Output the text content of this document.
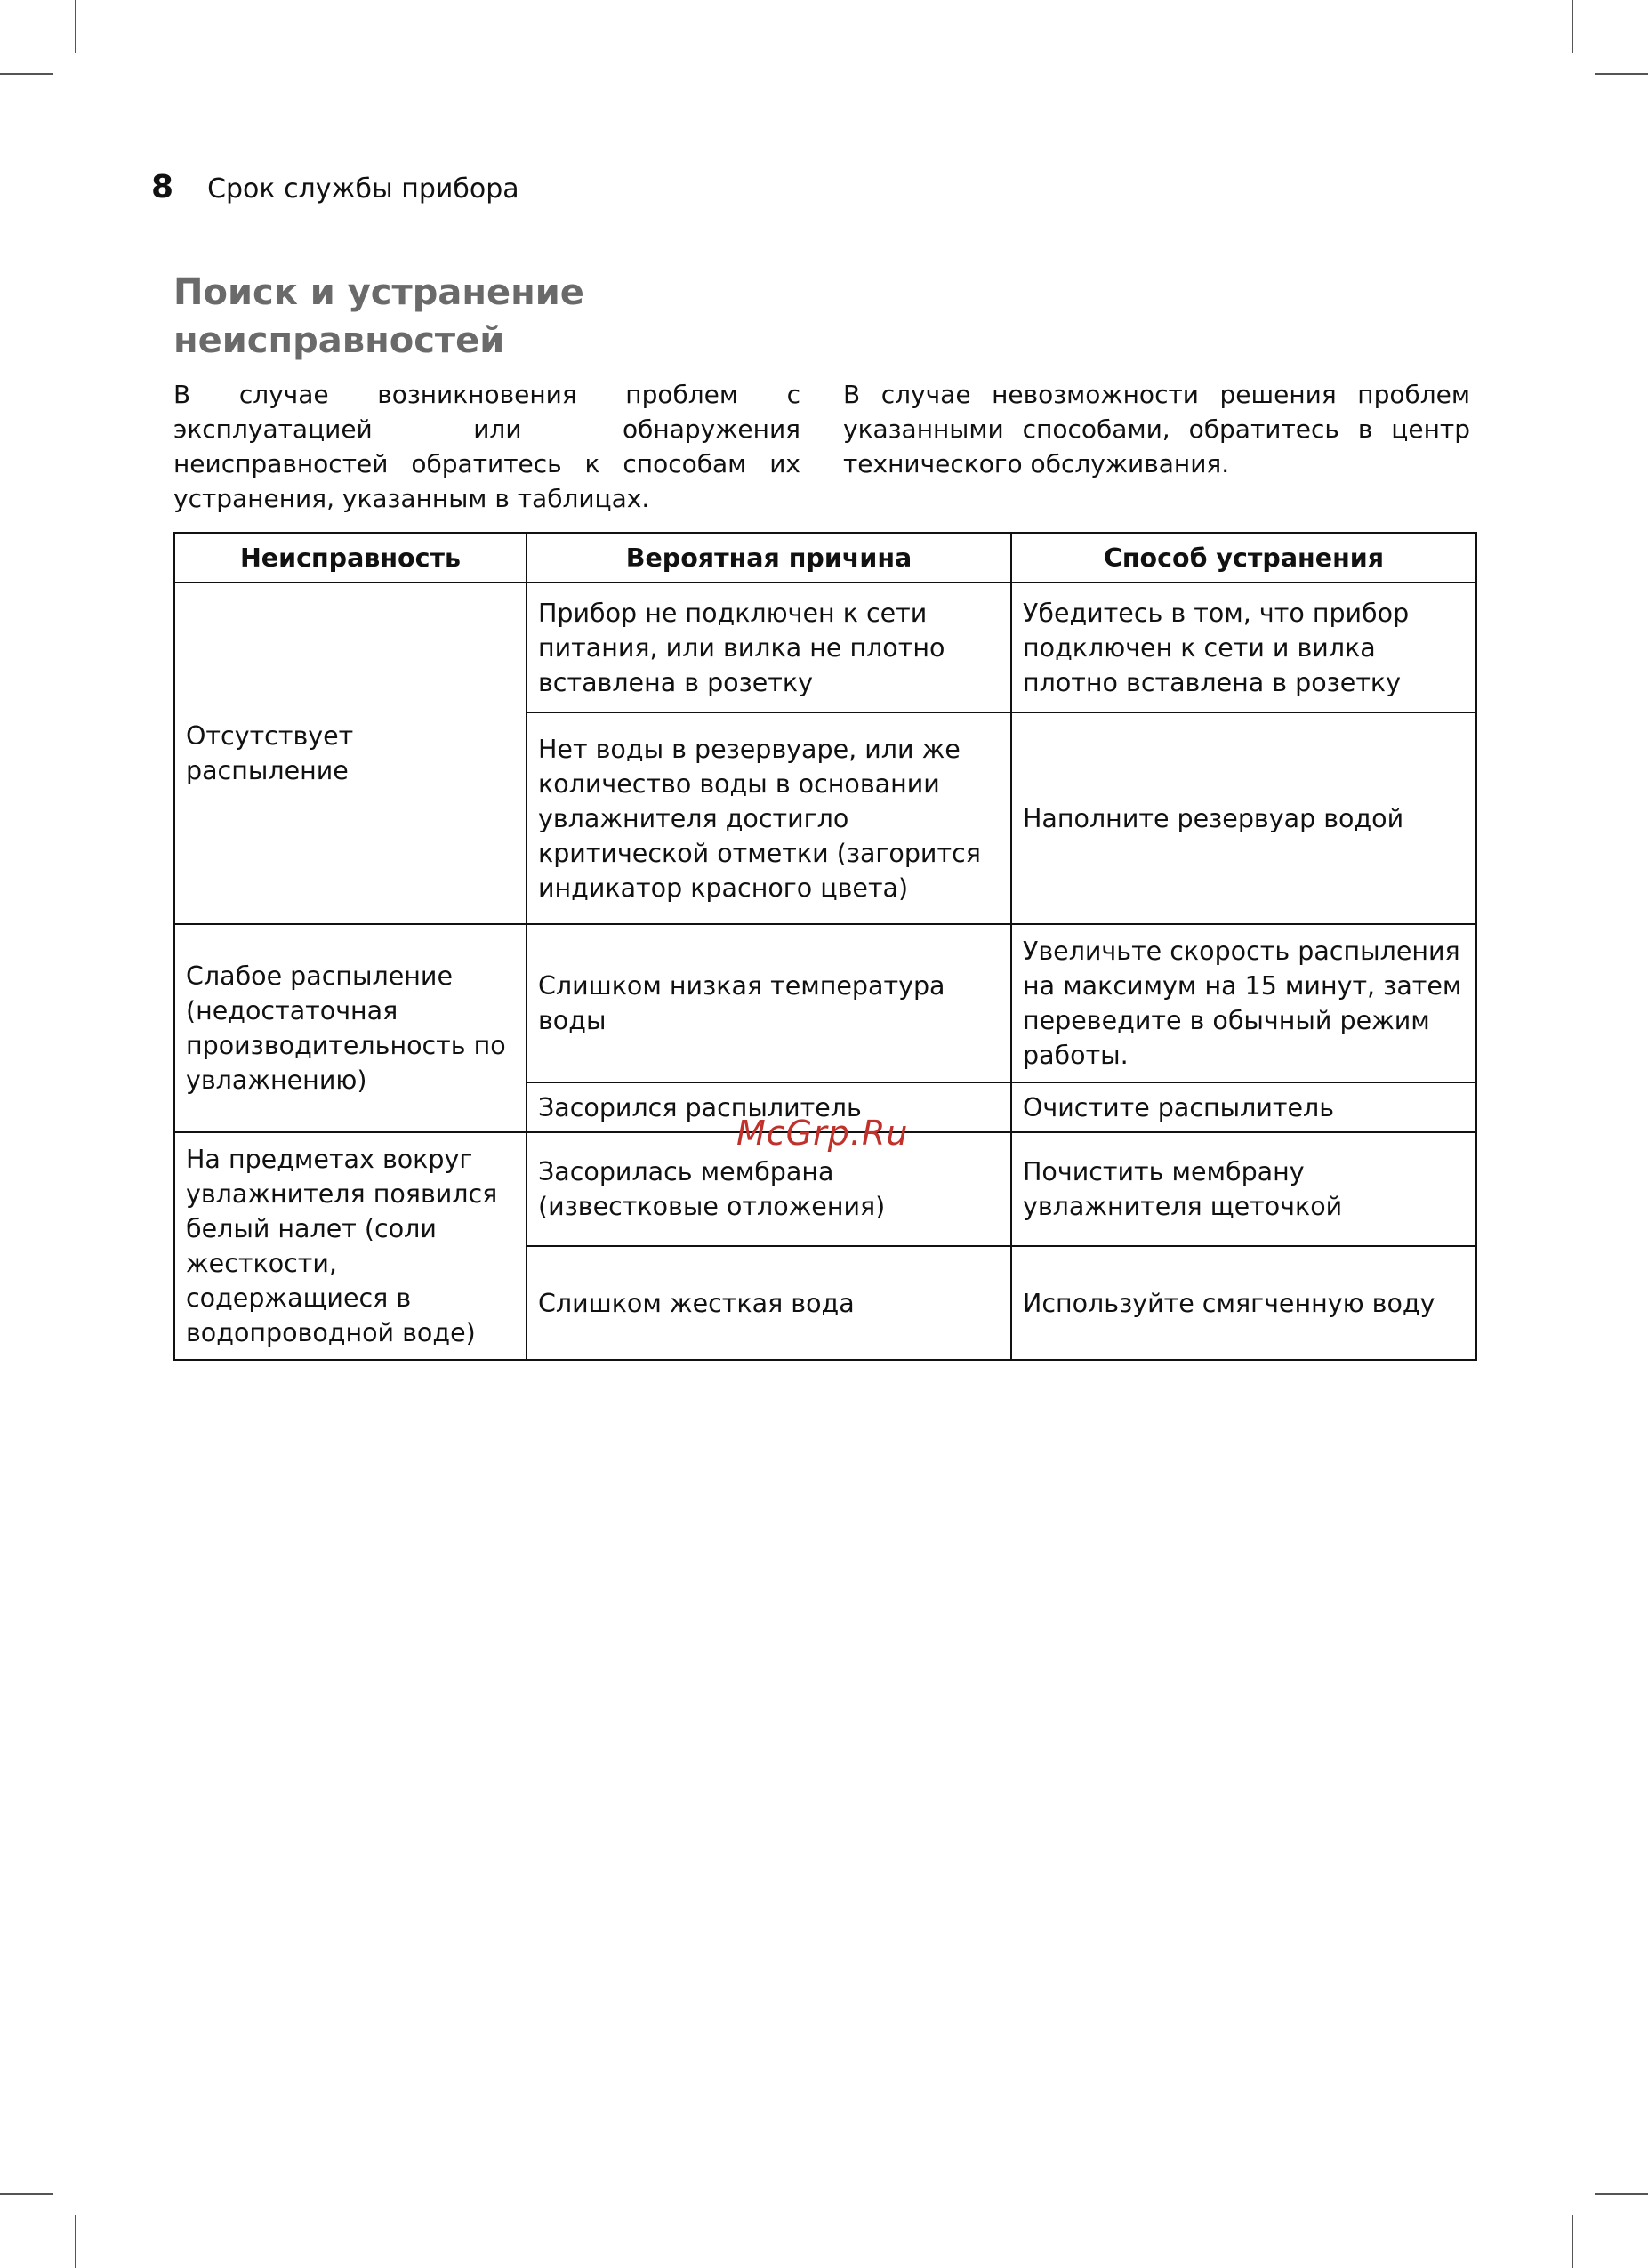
8 Срок службы прибора
Поиск и устранение
неисправностей
В случае возникновения проблем с эксплуатацией или обнаружения неисправностей обратитесь к способам их устранения, указанным в таблицах.
В случае невозможности решения проблем указанными способами, обратитесь в центр технического обслуживания.
Неисправность	Вероятная причина	Способ устранения
Отсутствует распыление	Прибор не подключен к сети питания, или вилка не плотно вставлена в розетку	Убедитесь в том, что прибор подключен к сети и вилка плотно вставлена в розетку
	Нет воды в резервуаре, или же количество воды в основании увлажнителя достигло критической отметки (загорится индикатор красного цвета)	Наполните резервуар водой
Слабое распыление (недостаточная производительность по увлажнению)	Слишком низкая температура воды	Увеличьте скорость распыления на максимум на 15 минут, затем переведите в обычный режим работы.
	Засорился распылитель	Очистите распылитель
На предметах вокруг увлажнителя появился белый налет (соли жесткости, содержащиеся в водопроводной воде)	Засорилась мембрана (известковые отложения)	Почистить мембрану увлажнителя щеточкой
	Слишком жесткая вода	Используйте смягченную воду
McGrp.Ru
